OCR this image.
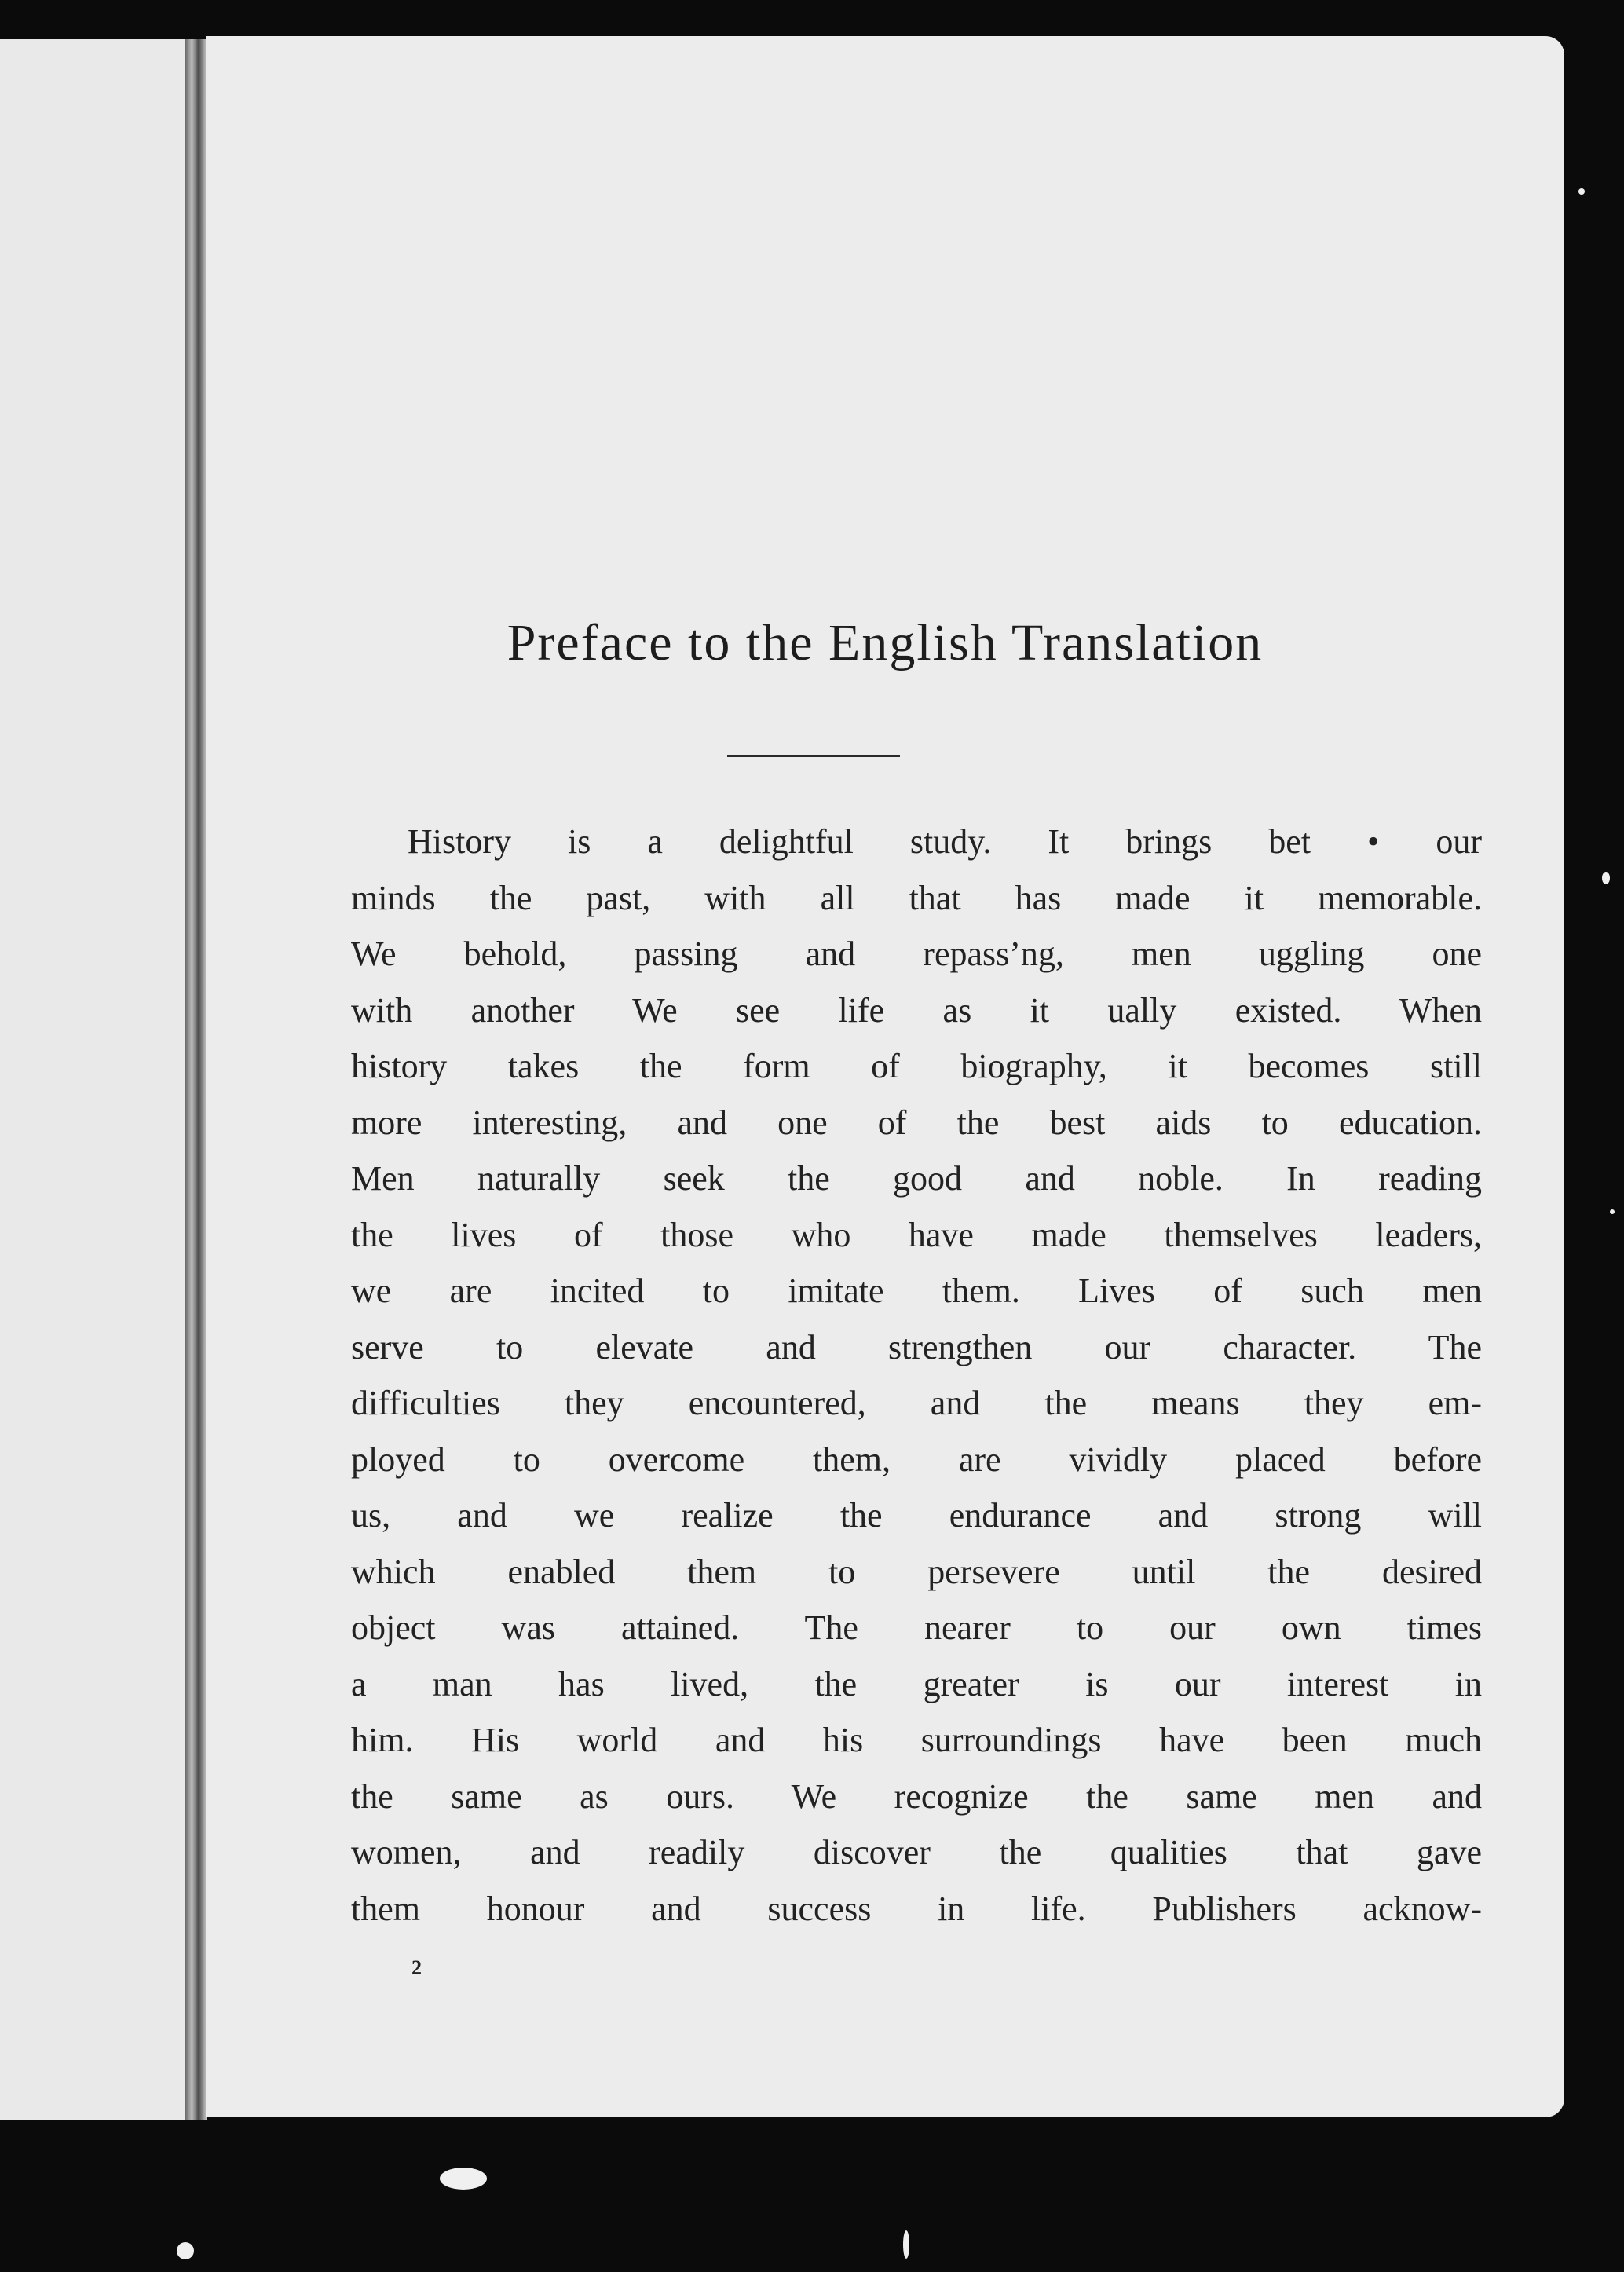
Preface to the English Translation
History is a delightful study. It brings bet • our
minds the past, with all that has made it memorable.
We behold, passing and repass’ng, men uggling one
with another We see life as it ually existed. When
history takes the form of biography, it becomes still
more interesting, and one of the best aids to education.
Men naturally seek the good and noble. In reading
the lives of those who have made themselves leaders,
we are incited to imitate them. Lives of such men
serve to elevate and strengthen our character. The
difficulties they encountered, and the means they em-
ployed to overcome them, are vividly placed before
us, and we realize the endurance and strong will
which enabled them to persevere until the desired
object was attained. The nearer to our own times
a man has lived, the greater is our interest in
him. His world and his surroundings have been much
the same as ours. We recognize the same men and
women, and readily discover the qualities that gave
them honour and success in life. Publishers acknow-
2
